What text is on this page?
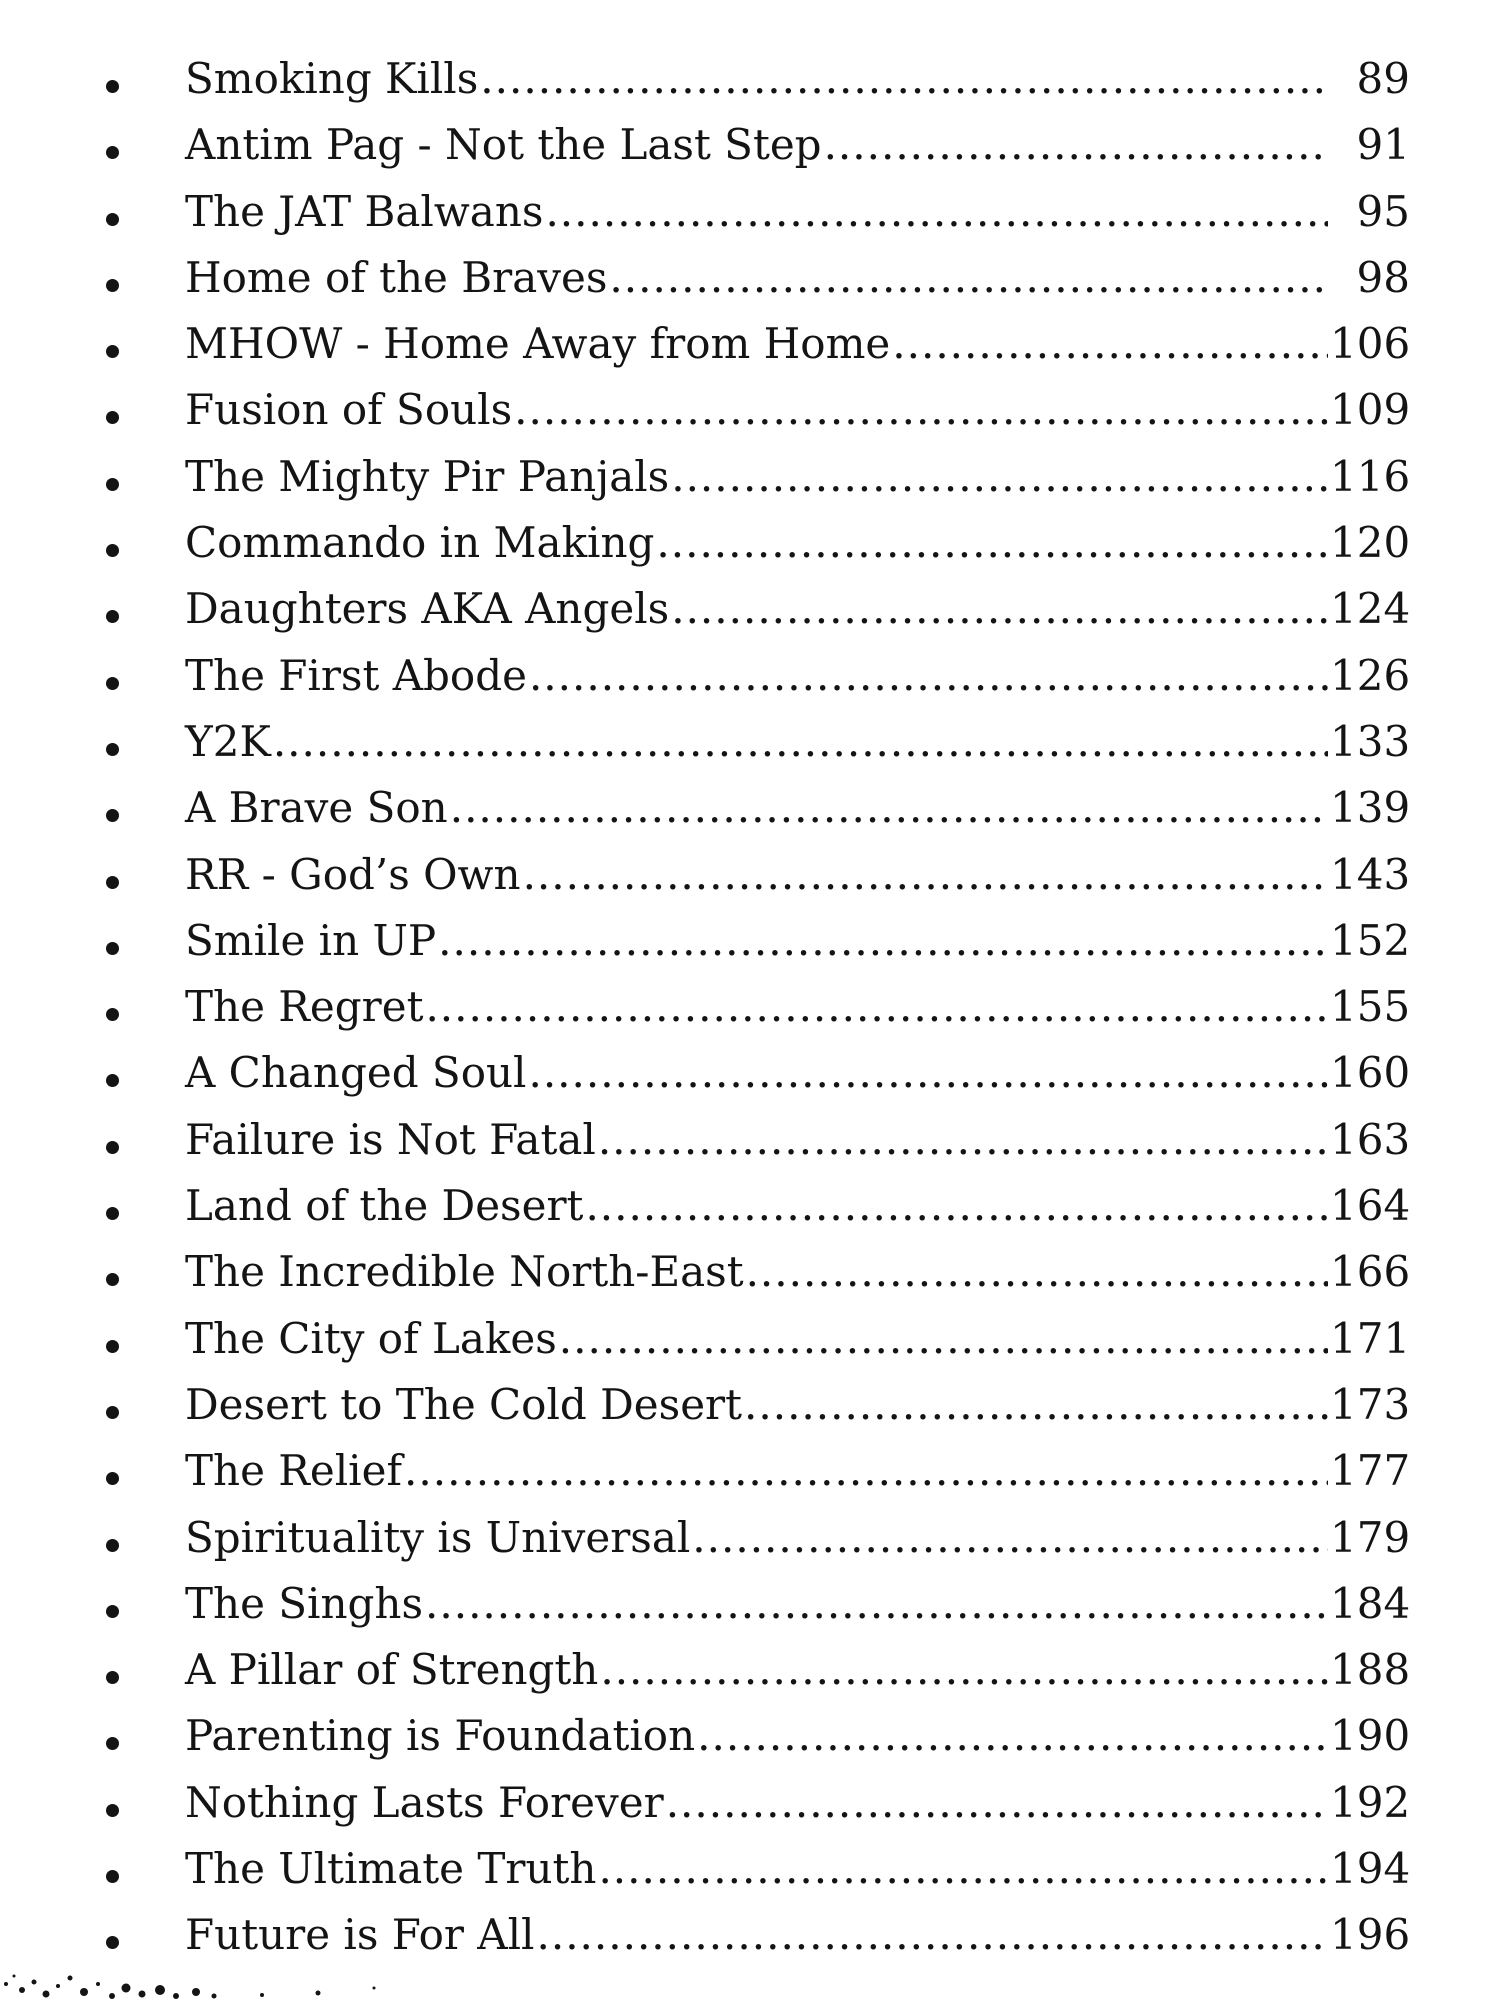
Smoking Kills .....	89
Antim Pag - Not the Last Step .....	91
The JAT Balwans .....	95
Home of the Braves .....	98
MHOW - Home Away from Home .....	106
Fusion of Souls .....	109
The Mighty Pir Panjals .....	116
Commando in Making .....	120
Daughters AKA Angels .....	124
The First Abode .....	126
Y2K .....	133
A Brave Son .....	139
RR - God’s Own .....	143
Smile in UP .....	152
The Regret .....	155
A Changed Soul .....	160
Failure is Not Fatal .....	163
Land of the Desert .....	164
The Incredible North-East .....	166
The City of Lakes .....	171
Desert to The Cold Desert .....	173
The Relief .....	177
Spirituality is Universal .....	179
The Singhs .....	184
A Pillar of Strength .....	188
Parenting is Foundation .....	190
Nothing Lasts Forever .....	192
The Ultimate Truth .....	194
Future is For All .....	196
